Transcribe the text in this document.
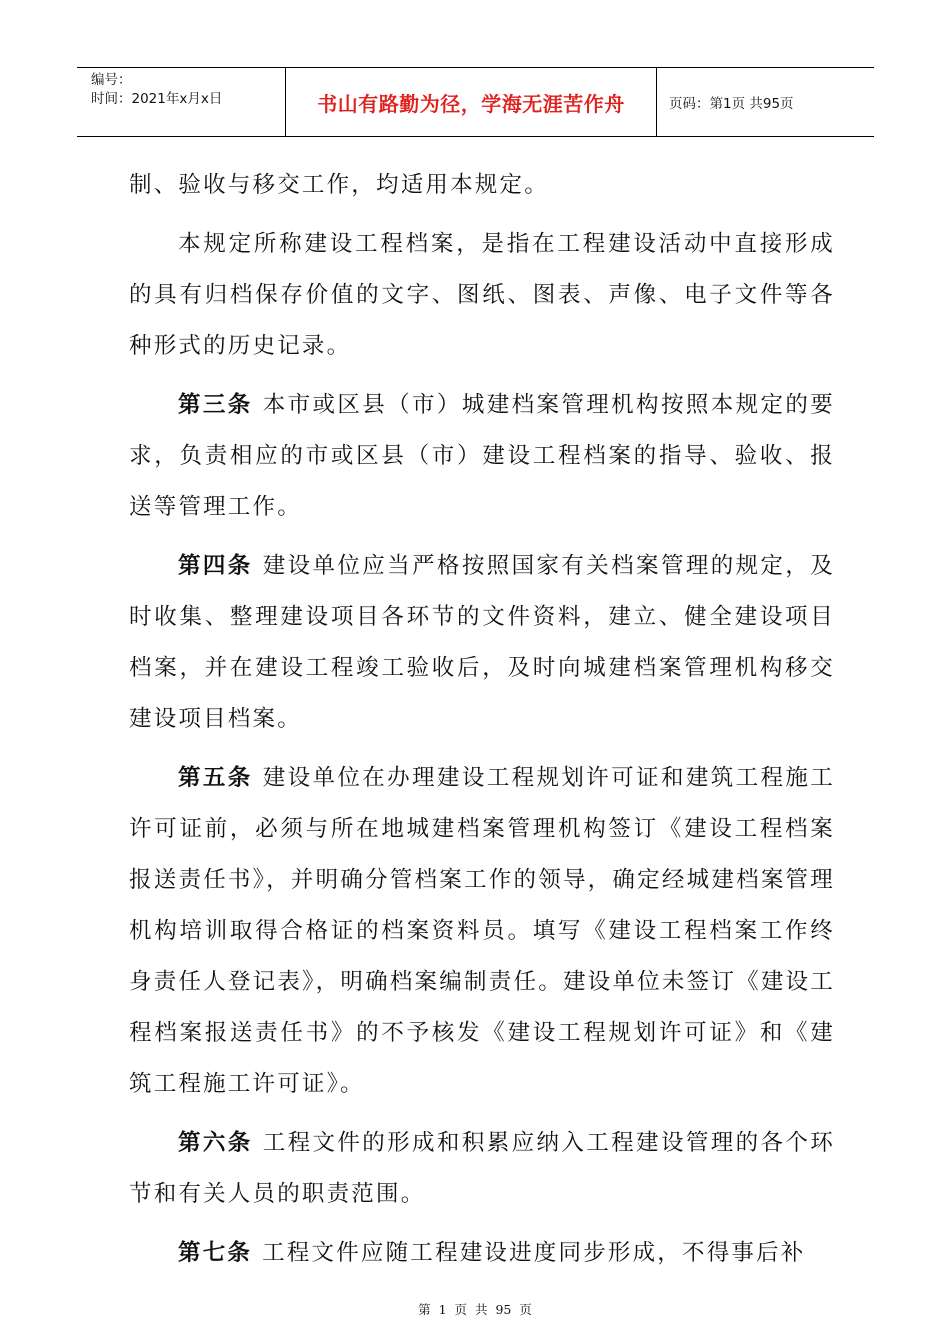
编号：
时间：2021年x月x日	书山有路勤为径，学海无涯苦作舟	页码：第1页 共95页

制、验收与移交工作，均适用本规定。

本规定所称建设工程档案，是指在工程建设活动中直接形成的具有归档保存价值的文字、图纸、图表、声像、电子文件等各种形式的历史记录。

第三条 本市或区县（市）城建档案管理机构按照本规定的要求，负责相应的市或区县（市）建设工程档案的指导、验收、报送等管理工作。

第四条 建设单位应当严格按照国家有关档案管理的规定，及时收集、整理建设项目各环节的文件资料，建立、健全建设项目档案，并在建设工程竣工验收后，及时向城建档案管理机构移交建设项目档案。

第五条 建设单位在办理建设工程规划许可证和建筑工程施工许可证前，必须与所在地城建档案管理机构签订《建设工程档案报送责任书》，并明确分管档案工作的领导，确定经城建档案管理机构培训取得合格证的档案资料员。填写《建设工程档案工作终身责任人登记表》，明确档案编制责任。建设单位未签订《建设工程档案报送责任书》的不予核发《建设工程规划许可证》和《建筑工程施工许可证》。

第六条 工程文件的形成和积累应纳入工程建设管理的各个环节和有关人员的职责范围。

第七条 工程文件应随工程建设进度同步形成，不得事后补

第 1 页 共 95 页
